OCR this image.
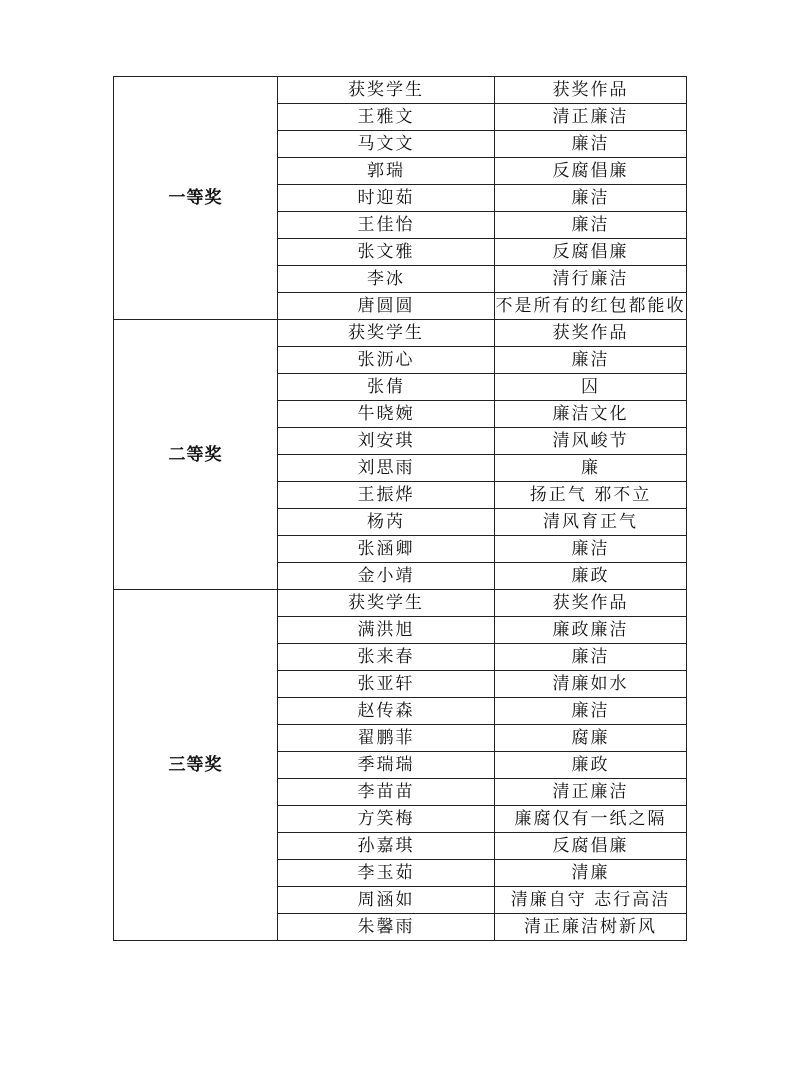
一等奖	获奖学生	获奖作品
	王雅文	清正廉洁
	马文文	廉洁
	郭瑞	反腐倡廉
	时迎茹	廉洁
	王佳怡	廉洁
	张文雅	反腐倡廉
	李冰	清行廉洁
	唐圆圆	不是所有的红包都能收
二等奖	获奖学生	获奖作品
	张沥心	廉洁
	张倩	囚
	牛晓婉	廉洁文化
	刘安琪	清风峻节
	刘思雨	廉
	王振烨	扬正气 邪不立
	杨芮	清风育正气
	张涵卿	廉洁
	金小靖	廉政
三等奖	获奖学生	获奖作品
	满洪旭	廉政廉洁
	张来春	廉洁
	张亚轩	清廉如水
	赵传森	廉洁
	翟鹏菲	腐廉
	季瑞瑞	廉政
	李苗苗	清正廉洁
	方笑梅	廉腐仅有一纸之隔
	孙嘉琪	反腐倡廉
	李玉茹	清廉
	周涵如	清廉自守 志行高洁
	朱馨雨	清正廉洁树新风
